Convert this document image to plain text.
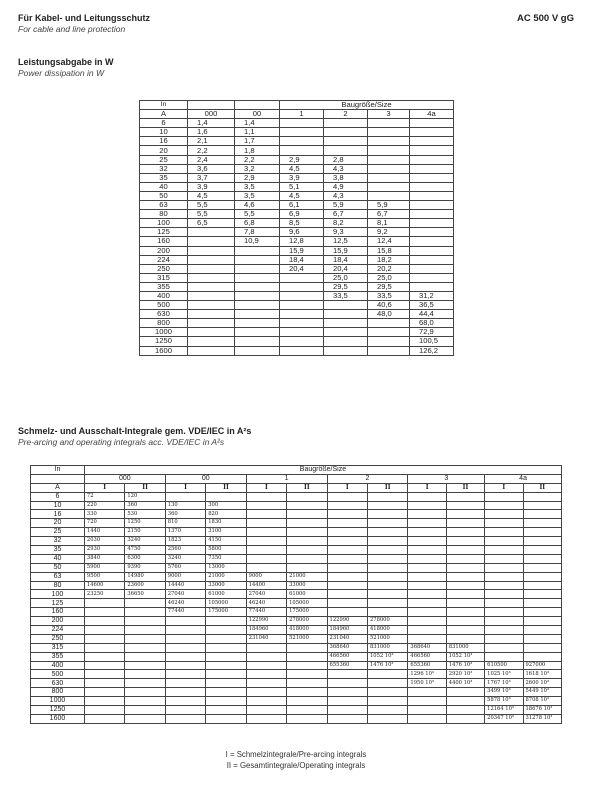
Für Kabel- und Leitungsschutz
For cable and line protection
AC 500 V gG
Leistungsabgabe in W
Power dissipation in W
In			Baugröße/Size			
A	000	00	1	2	3	4a
6	1,4	1,4				
10	1,6	1,1				
16	2,1	1,7				
20	2,2	1,8				
25	2,4	2,2	2,9	2,8		
32	3,6	3,2	4,5	4,3		
35	3,7	2,9	3,9	3,8		
40	3,9	3,5	5,1	4,9		
50	4,5	3,5	4,5	4,3		
63	5,5	4,6	6,1	5,9	5,9	
80	5,5	5,5	6,9	6,7	6,7	
100	6,5	6,8	8,5	8,2	8,1	
125		7,8	9,6	9,3	9,2	
160		10,9	12,8	12,5	12,4	
200			15,9	15,9	15,8	
224			18,4	18,4	18,2	
250			20,4	20,4	20,2	
315				25,0	25,0	
355				29,5	29,5	
400				33,5	33,5	31,2
500					40,6	36,5
630					48,0	44,4
800						68,0
1000						72,9
1250						100,5
1600						126,2
Schmelz- und Ausschalt-Integrale gem. VDE/IEC in A²s
Pre-arcing and operating integrals acc. VDE/IEC in A²s
In	Baugröße/Size											
	000		00		1		2		3		4a	
A	I	II	I	II	I	II	I	II	I	II	I	II
6	72	120										
10	220	360	130	300								
16	330	530	360	820								
20	720	1250	810	1830								
25	1440	2150	1370	3100								
32	2030	3240	1823	4150								
35	2930	4750	2560	5800								
40	3840	6300	3240	7350								
50	5900	9390	5760	13000								
63	9500	14980	9000	21000	9000	21000						
80	14600	23600	14440	33000	14400	33000						
100	23250	36650	27040	61000	27040	61000						
125			46240	105000	46240	105000						
160			77440	175000	77440	175000						
200					122990	278000	122990	278000				
224					184960	418000	184960	418000				
250					231040	521000	231040	521000				
315							368640	831000	368640	831000		
355							466560	1052 10³	466560	1052 10³		
400							655360	1476 10³	655360	1476 10³	610500	927000
500									1296 10³	2920 10³	1025 10³	1618 10³
630									1950 10³	4400 10³	1767 10³	2600 10³
800											3499 10³	5449 10³
1000											5878 10³	8708 10³
1250											12164 10³	18676 10³
1600											20347 10³	31278 10³
I = Schmelzintegrale/Pre-arcing integrals
II = Gesamtintegrale/Operating integrals
